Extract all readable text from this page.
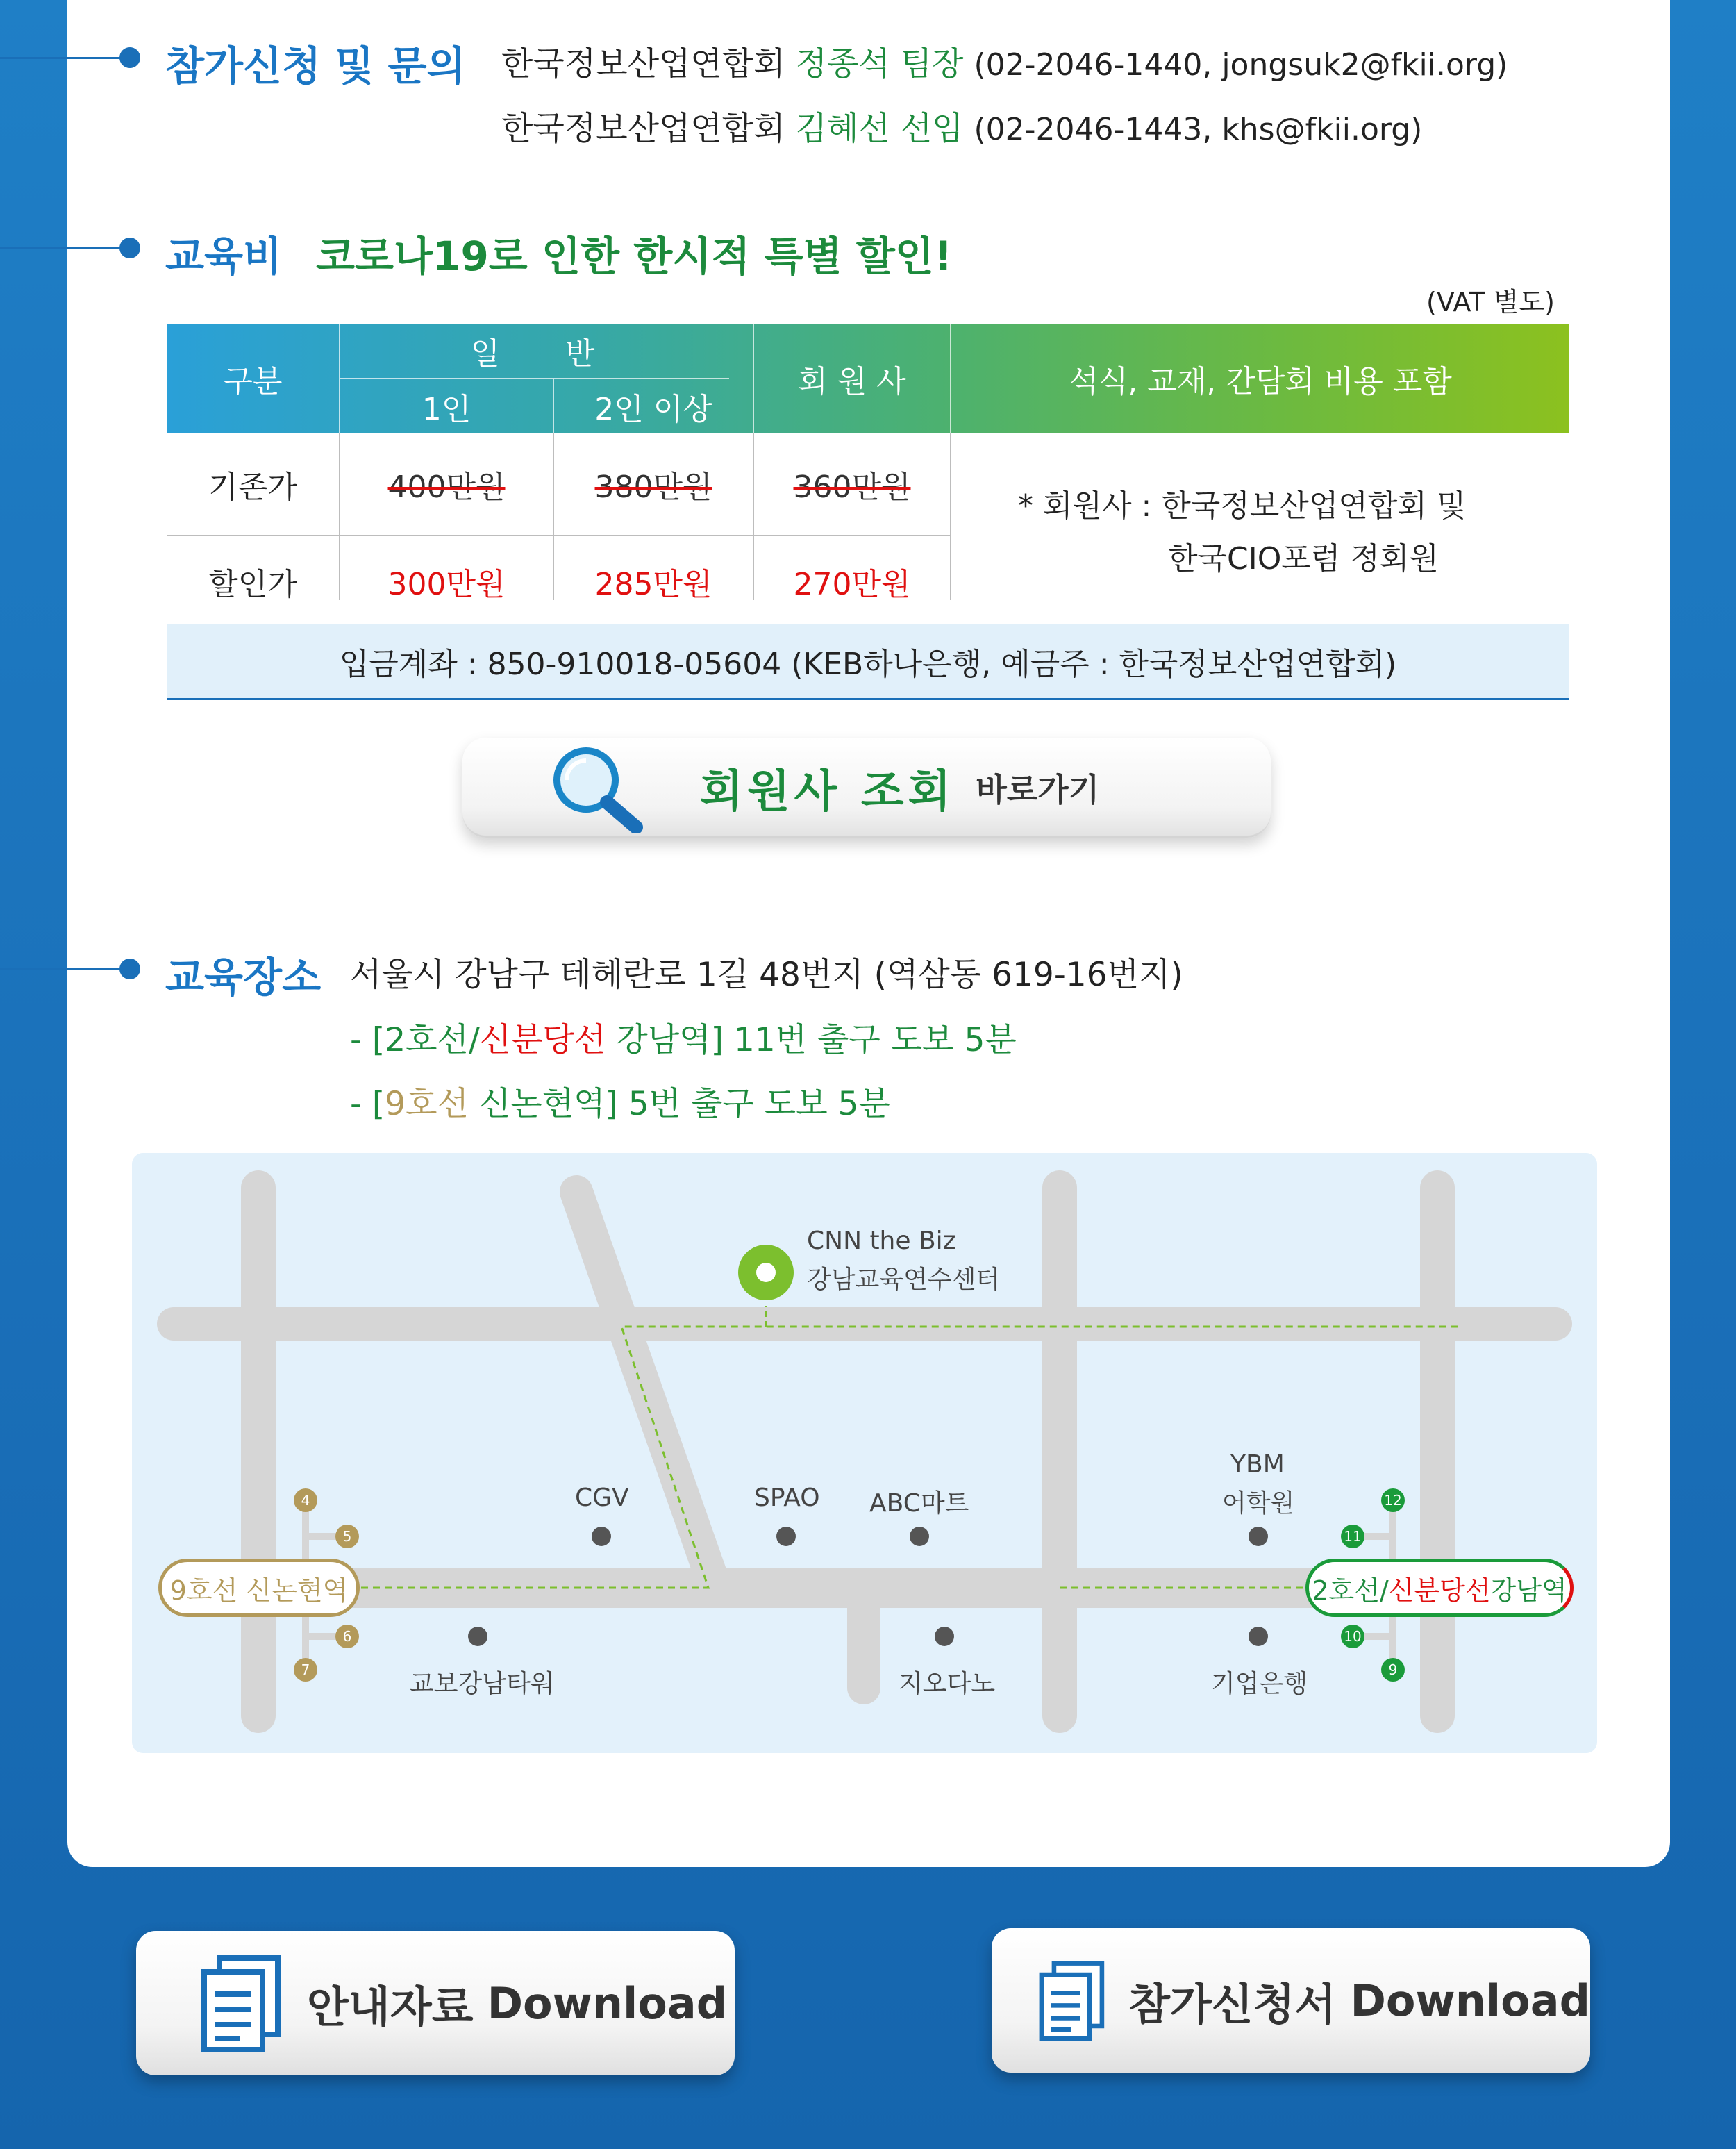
참가신청 및 문의 한국정보산업연합회 정종석 팀장 (02-2046-1440, jongsuk2@fkii.org)
한국정보산업연합회 김혜선 선임 (02-2046-1443, khs@fkii.org)
교육비 코로나19로 인한 한시적 특별 할인!
(VAT 별도)
구분
일 반
1인	2인 이상
회 원 사	석식, 교재, 간담회 비용 포함
기존가	400만원	380만원	360만원
할인가	300만원	285만원	270만원
* 회원사 : 한국정보산업연합회 및
한국CIO포럼 정회원
입금계좌 : 850-910018-05604 (KEB하나은행, 예금주 : 한국정보산업연합회)
회원사 조회 바로가기
교육장소 서울시 강남구 테헤란로 1길 48번지 (역삼동 619-16번지)
- [2호선/신분당선 강남역] 11번 출구 도보 5분
- [9호선 신논현역] 5번 출구 도보 5분
CNN the Biz
강남교육연수센터
CGV	SPAO ABC마트
YBM
어학원
교보강남타워	지오다노	기업은행
4
5
6
7
12
11
10
9
9호선 신논현역	2호선/ 신분당선 강남역
안내자료 Download	참가신청서 Download
